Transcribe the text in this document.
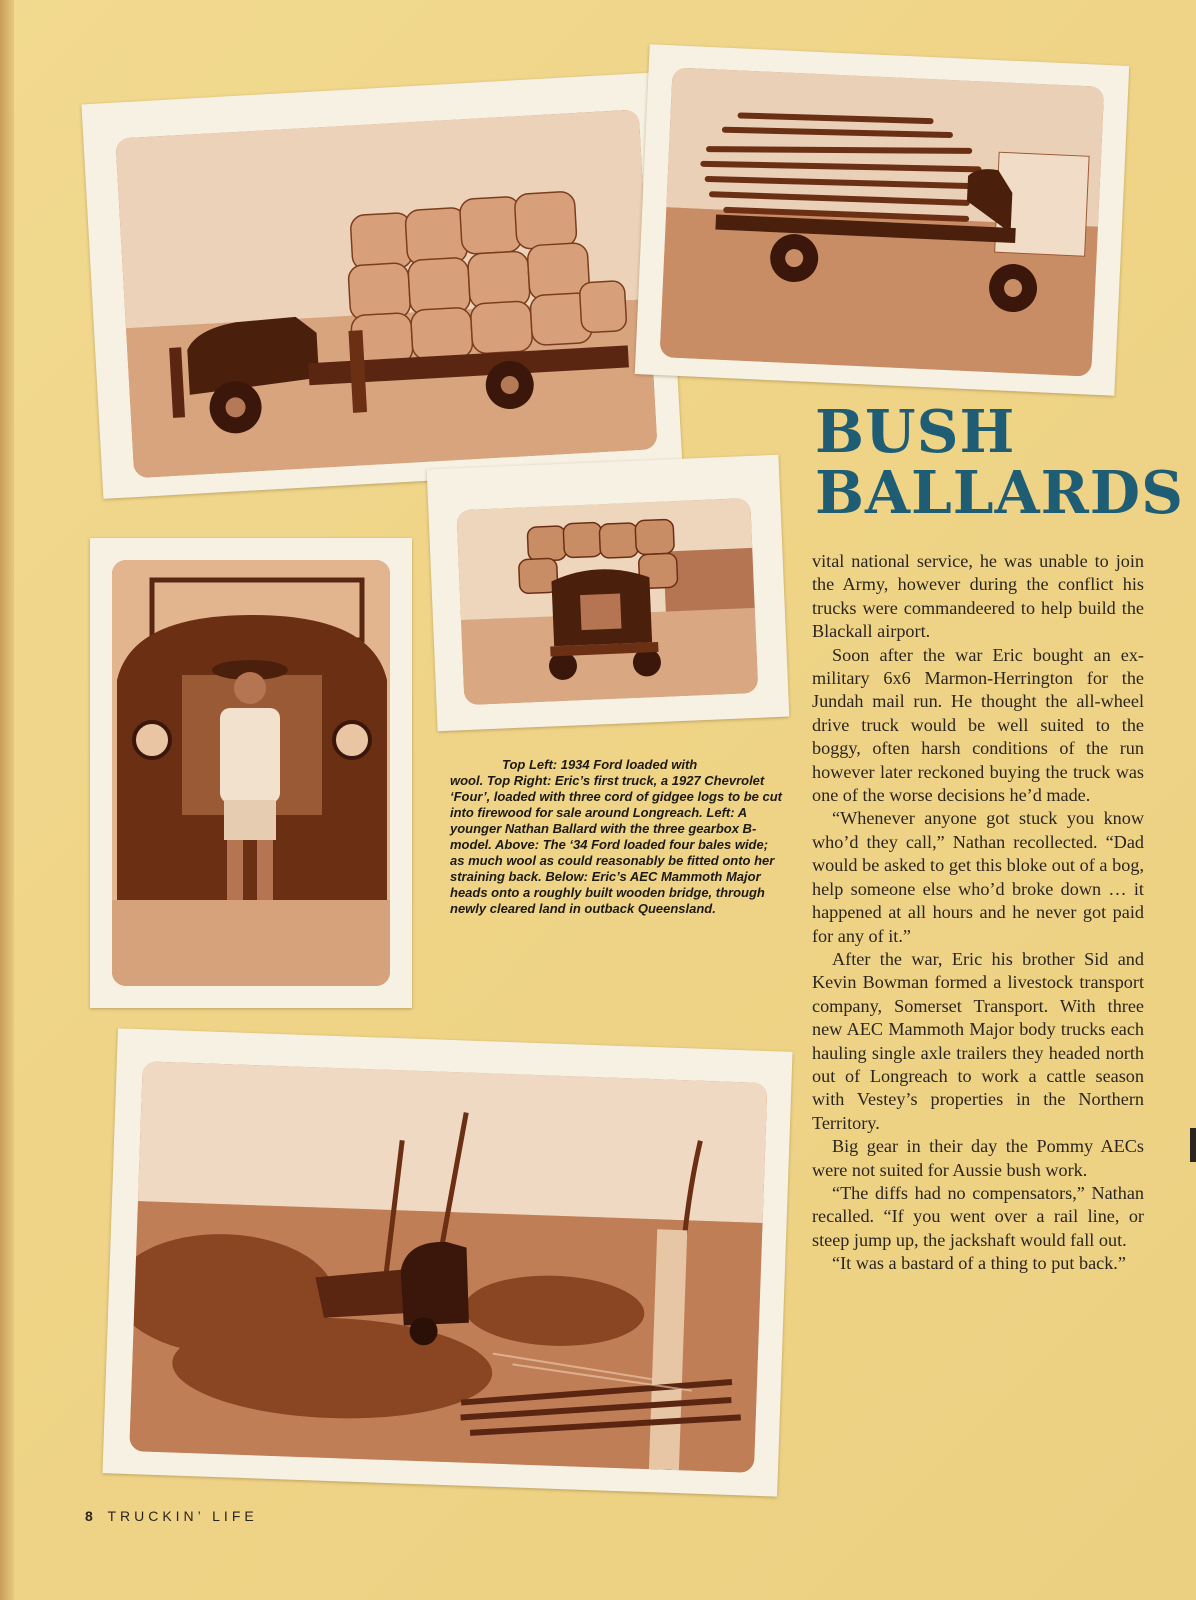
BUSH
BALLARDS

Top Left: 1934 Ford loaded with

wool. Top Right: Eric’s first truck, a 1927 Chevrolet ‘Four’, loaded with three cord of gidgee logs to be cut into firewood for sale around Longreach. Left: A younger Nathan Ballard with the three gearbox B-model. Above: The ‘34 Ford loaded four bales wide; as much wool as could reasonably be fitted onto her straining back. Below: Eric’s AEC Mammoth Major heads onto a roughly built wooden bridge, through newly cleared land in outback Queensland.

vital national service, he was unable to join the Army, however during the conflict his trucks were commandeered to help build the Blackall airport.

Soon after the war Eric bought an ex-military 6x6 Marmon-Herrington for the Jundah mail run. He thought the all-wheel drive truck would be well suited to the boggy, often harsh conditions of the run however later reckoned buying the truck was one of the worse decisions he’d made.

“Whenever anyone got stuck you know who’d they call,” Nathan recollected. “Dad would be asked to get this bloke out of a bog, help someone else who’d broke down … it happened at all hours and he never got paid for any of it.”

After the war, Eric his brother Sid and Kevin Bowman formed a livestock transport company, Somerset Transport. With three new AEC Mammoth Major body trucks each hauling single axle trailers they headed north out of Longreach to work a cattle season with Vestey’s properties in the Northern Territory.

Big gear in their day the Pommy AECs were not suited for Aussie bush work.

“The diffs had no compensators,” Nathan recalled. “If you went over a rail line, or steep jump up, the jackshaft would fall out.

“It was a bastard of a thing to put back.”

8 TRUCKIN’ LIFE
